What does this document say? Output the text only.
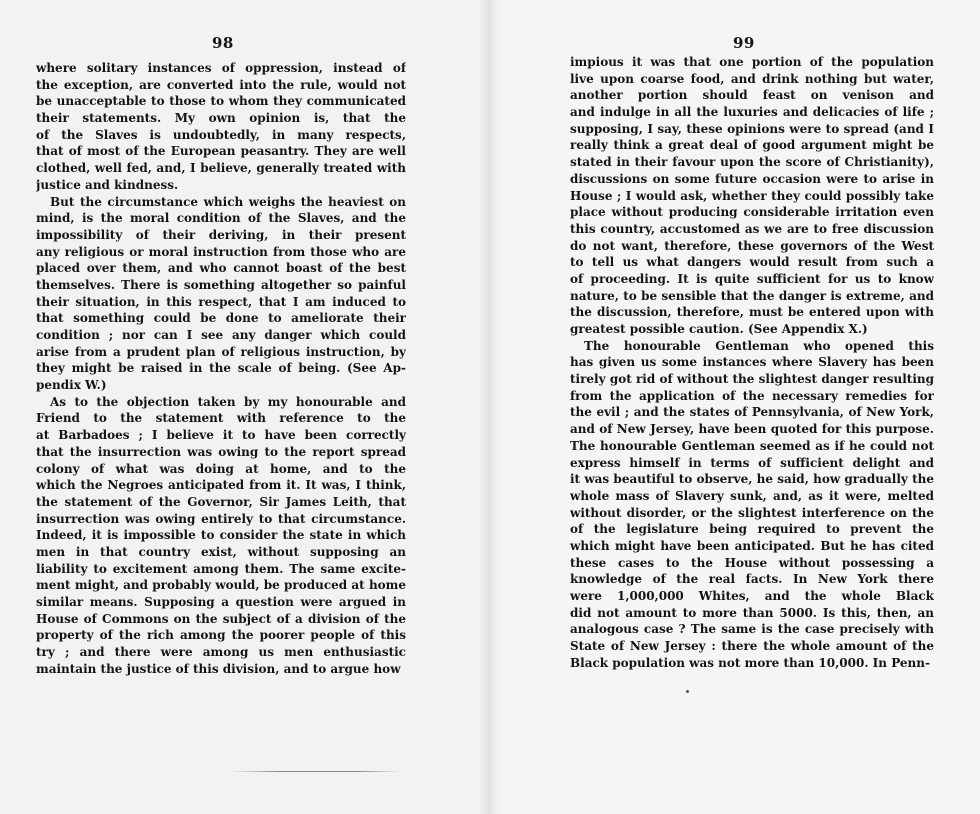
98
where solitary instances of oppression, instead of
the exception, are converted into the rule, would not
be unacceptable to those to whom they communicated
their statements. My own opinion is, that the
of the Slaves is undoubtedly, in many respects,
that of most of the European peasantry. They are well
clothed, well fed, and, I believe, generally treated with
justice and kindness.
But the circumstance which weighs the heaviest on
mind, is the moral condition of the Slaves, and the
impossibility of their deriving, in their present
any religious or moral instruction from those who are
placed over them, and who cannot boast of the best
themselves. There is something altogether so painful
their situation, in this respect, that I am induced to
that something could be done to ameliorate their
condition ; nor can I see any danger which could
arise from a prudent plan of religious instruction, by
they might be raised in the scale of being. (See Ap-
pendix W.)
As to the objection taken by my honourable and
Friend to the statement with reference to the
at Barbadoes ; I believe it to have been correctly
that the insurrection was owing to the report spread
colony of what was doing at home, and to the
which the Negroes anticipated from it. It was, I think,
the statement of the Governor, Sir James Leith, that
insurrection was owing entirely to that circumstance.
Indeed, it is impossible to consider the state in which
men in that country exist, without supposing an
liability to excitement among them. The same excite-
ment might, and probably would, be produced at home
similar means. Supposing a question were argued in
House of Commons on the subject of a division of the
property of the rich among the poorer people of this
try ; and there were among us men enthusiastic
maintain the justice of this division, and to argue how
99
impious it was that one portion of the population
live upon coarse food, and drink nothing but water,
another portion should feast on venison and
and indulge in all the luxuries and delicacies of life ;
supposing, I say, these opinions were to spread (and I
really think a great deal of good argument might be
stated in their favour upon the score of Christianity),
discussions on some future occasion were to arise in
House ; I would ask, whether they could possibly take
place without producing considerable irritation even
this country, accustomed as we are to free discussion
do not want, therefore, these governors of the West
to tell us what dangers would result from such a
of proceeding. It is quite sufficient for us to know
nature, to be sensible that the danger is extreme, and
the discussion, therefore, must be entered upon with
greatest possible caution. (See Appendix X.)
The honourable Gentleman who opened this
has given us some instances where Slavery has been
tirely got rid of without the slightest danger resulting
from the application of the necessary remedies for
the evil ; and the states of Pennsylvania, of New York,
and of New Jersey, have been quoted for this purpose.
The honourable Gentleman seemed as if he could not
express himself in terms of sufficient delight and
it was beautiful to observe, he said, how gradually the
whole mass of Slavery sunk, and, as it were, melted
without disorder, or the slightest interference on the
of the legislature being required to prevent the
which might have been anticipated. But he has cited
these cases to the House without possessing a
knowledge of the real facts. In New York there
were 1,000,000 Whites, and the whole Black
did not amount to more than 5000. Is this, then, an
analogous case ? The same is the case precisely with
State of New Jersey : there the whole amount of the
Black population was not more than 10,000. In Penn-
